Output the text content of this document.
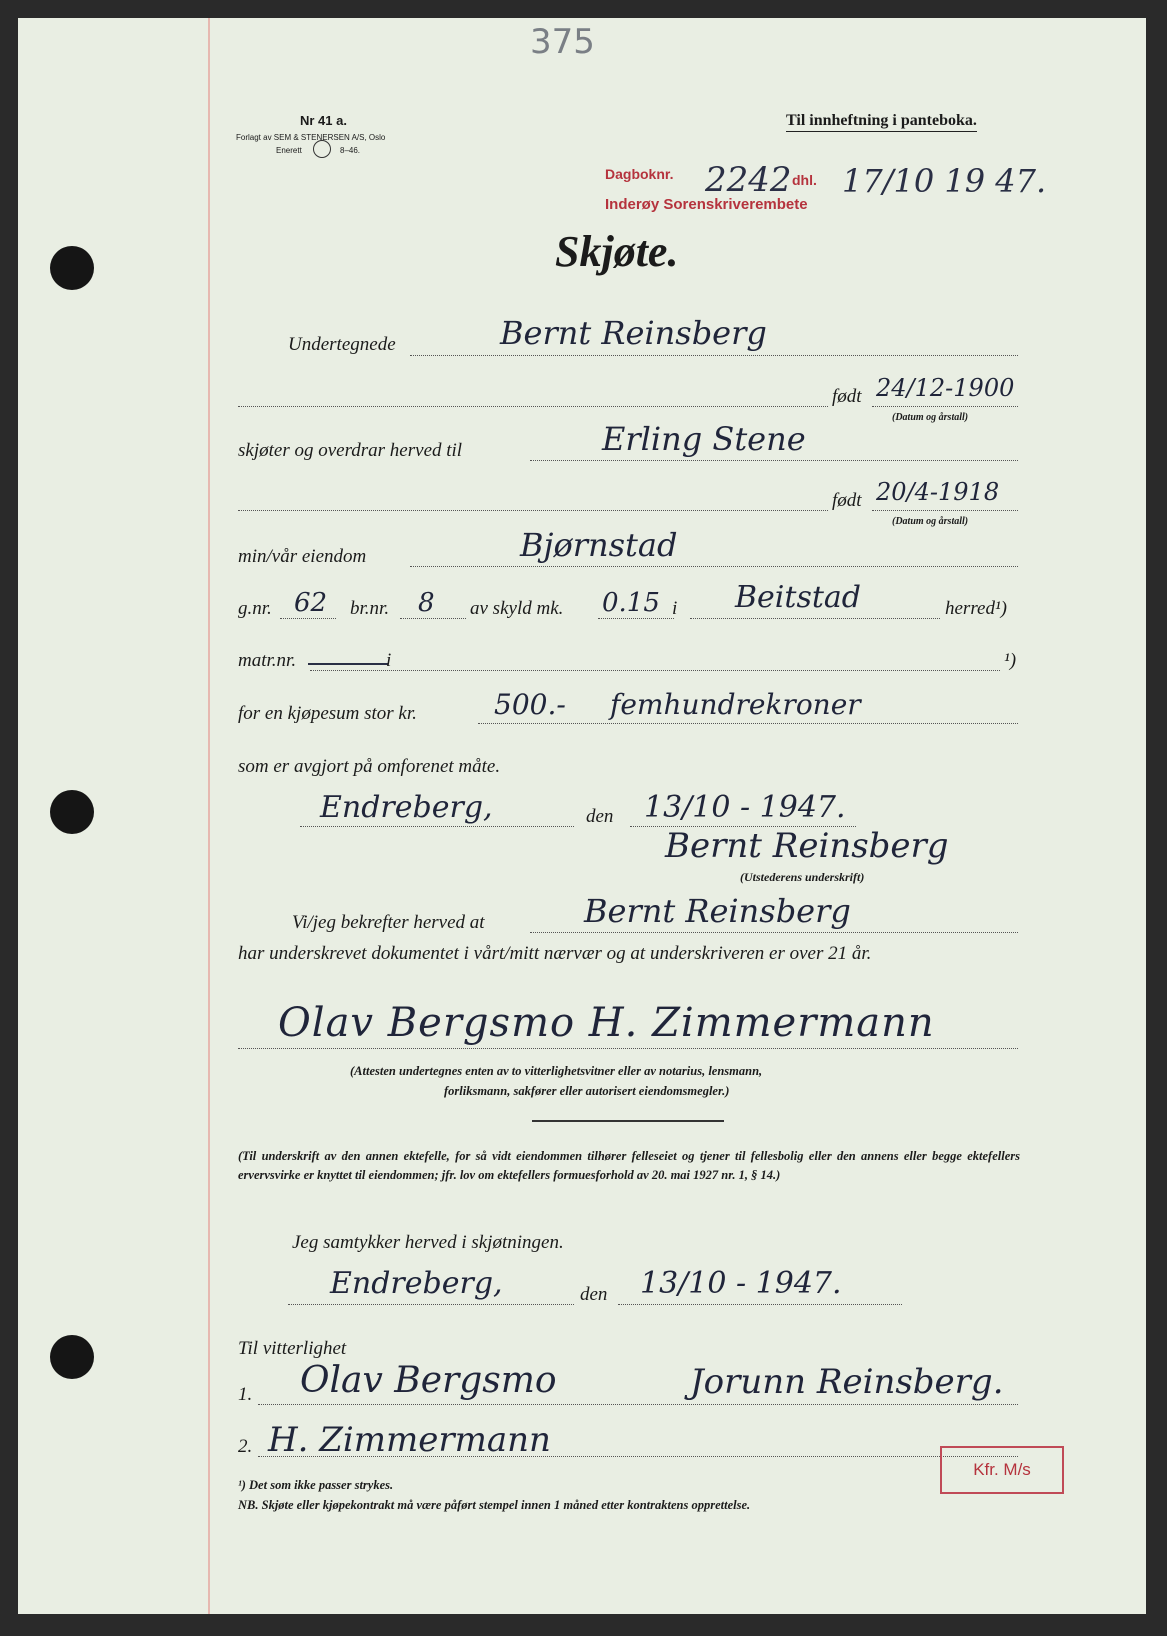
375
Nr 41 a.
Forlagt av SEM & STENERSEN A/S, Oslo
Enerett	8–46.
Til innheftning i panteboka.
Dagboknr. 2242 dhl. 17/10 19 47.
Inderøy Sorenskriverembete
Skjøte.
Undertegnede	Bernt Reinsberg
født 24/12-1900
(Datum og årstall)
skjøter og overdrar herved til	Erling Stene
født 20/4-1918
(Datum og årstall)
min/vår eiendom	Bjørnstad
g.nr. 62 br.nr. 8 av skyld mk. 0.15 i Beitstad	herred¹)
matr.nr.	i	¹)
for en kjøpesum stor kr.	500.- femhundrekroner
som er avgjort på omforenet måte.
Endreberg,	den 13/10 - 1947.
Bernt Reinsberg
(Utstederens underskrift)
Vi/jeg bekrefter herved at	Bernt Reinsberg
har underskrevet dokumentet i vårt/mitt nærvær og at underskriveren er over 21 år.
Olav Bergsmo H. Zimmermann
(Attesten undertegnes enten av to vitterlighetsvitner eller av notarius, lensmann,
forliksmann, sakfører eller autorisert eiendomsmegler.)
(Til underskrift av den annen ektefelle, for så vidt eiendommen tilhører felleseiet og tjener til fellesbolig eller den annens eller begge ektefellers ervervsvirke er knyttet til eiendommen; jfr. lov om ektefellers formuesforhold av 20. mai 1927 nr. 1, § 14.)
Jeg samtykker herved i skjøtningen.
Endreberg,	den 13/10 - 1947.
Til vitterlighet
1. Olav Bergsmo	Jorunn Reinsberg.
2. H. Zimmermann
Kfr. M/s
¹) Det som ikke passer strykes.
NB. Skjøte eller kjøpekontrakt må være påført stempel innen 1 måned etter kontraktens opprettelse.
